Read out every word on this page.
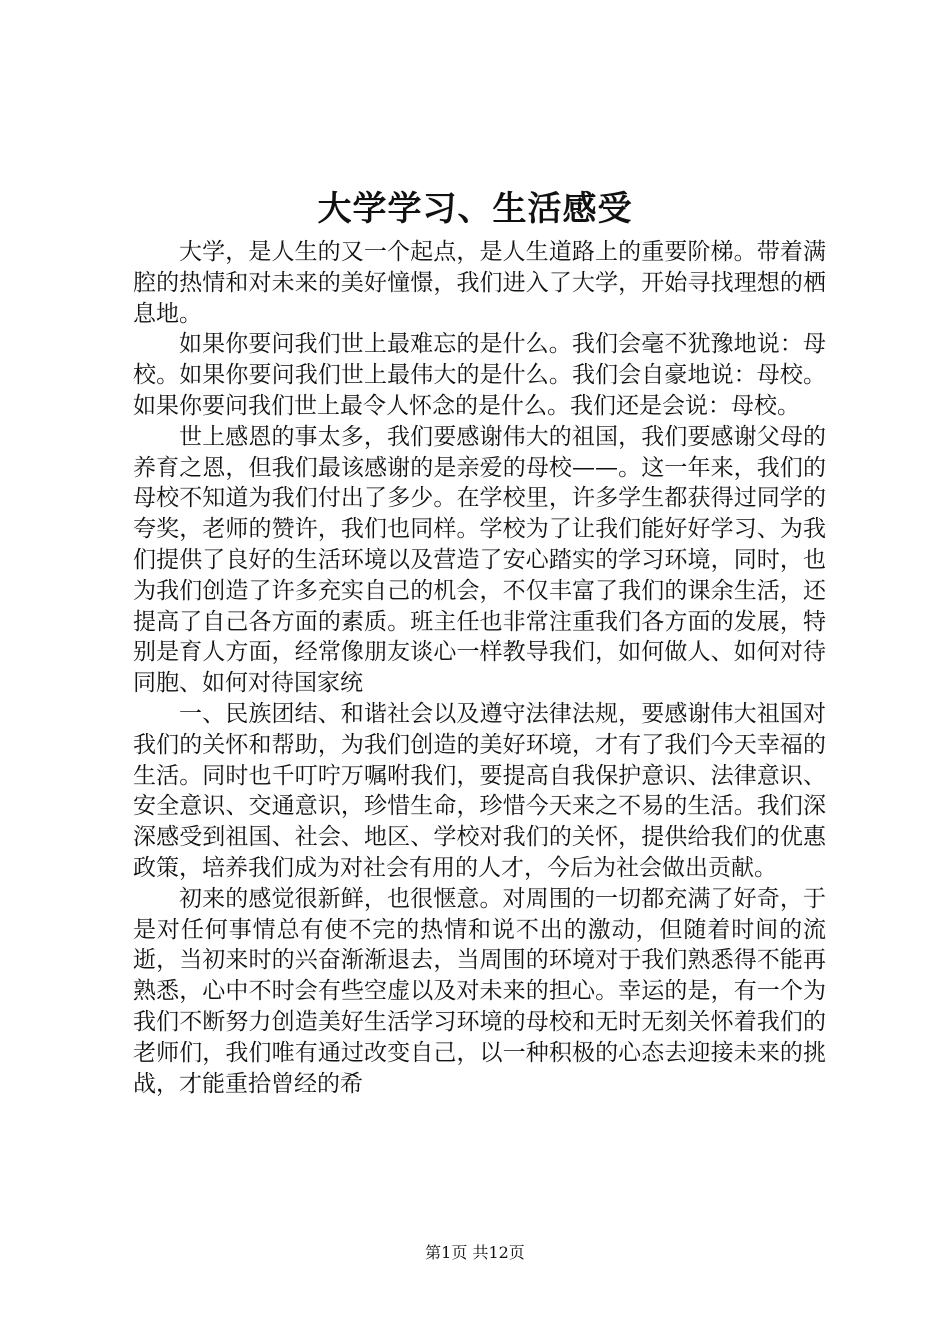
大学学习、生活感受

大学，是人生的又一个起点，是人生道路上的重要阶梯。带着满腔的热情和对未来的美好憧憬，我们进入了大学，开始寻找理想的栖息地。

如果你要问我们世上最难忘的是什么。我们会毫不犹豫地说：母校。如果你要问我们世上最伟大的是什么。我们会自豪地说：母校。如果你要问我们世上最令人怀念的是什么。我们还是会说：母校。

世上感恩的事太多，我们要感谢伟大的祖国，我们要感谢父母的养育之恩，但我们最该感谢的是亲爱的母校——。这一年来，我们的母校不知道为我们付出了多少。在学校里，许多学生都获得过同学的夸奖，老师的赞许，我们也同样。学校为了让我们能好好学习、为我们提供了良好的生活环境以及营造了安心踏实的学习环境，同时，也为我们创造了许多充实自己的机会，不仅丰富了我们的课余生活，还提高了自己各方面的素质。班主任也非常注重我们各方面的发展，特别是育人方面，经常像朋友谈心一样教导我们，如何做人、如何对待同胞、如何对待国家统

一、民族团结、和谐社会以及遵守法律法规，要感谢伟大祖国对我们的关怀和帮助，为我们创造的美好环境，才有了我们今天幸福的生活。同时也千叮咛万嘱咐我们，要提高自我保护意识、法律意识、安全意识、交通意识，珍惜生命，珍惜今天来之不易的生活。我们深深感受到祖国、社会、地区、学校对我们的关怀，提供给我们的优惠政策，培养我们成为对社会有用的人才，今后为社会做出贡献。

初来的感觉很新鲜，也很惬意。对周围的一切都充满了好奇，于是对任何事情总有使不完的热情和说不出的激动，但随着时间的流逝，当初来时的兴奋渐渐退去，当周围的环境对于我们熟悉得不能再熟悉，心中不时会有些空虚以及对未来的担心。幸运的是，有一个为我们不断努力创造美好生活学习环境的母校和无时无刻关怀着我们的老师们，我们唯有通过改变自己，以一种积极的心态去迎接未来的挑战，才能重拾曾经的希

第1页 共12页
